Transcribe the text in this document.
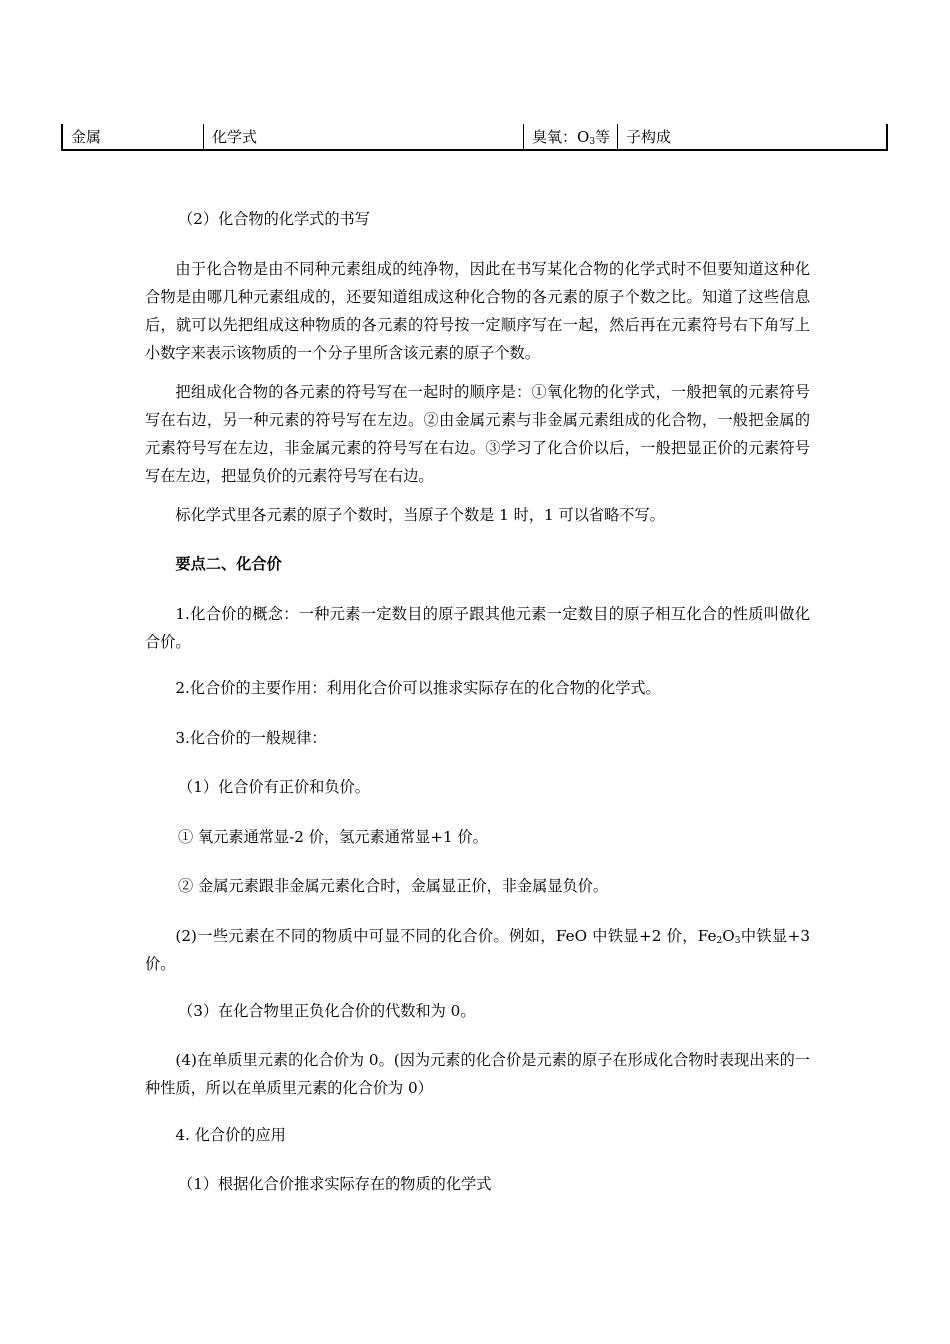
金属	化学式	臭氧：$O_3$等	子构成

（2）化合物的化学式的书写

由于化合物是由不同种元素组成的纯净物，因此在书写某化合物的化学式时不但要知道这种化合物是由哪几种元素组成的，还要知道组成这种化合物的各元素的原子个数之比。知道了这些信息后，就可以先把组成这种物质的各元素的符号按一定顺序写在一起，然后再在元素符号右下角写上小数字来表示该物质的一个分子里所含该元素的原子个数。

把组成化合物的各元素的符号写在一起时的顺序是：①氧化物的化学式，一般把氧的元素符号写在右边，另一种元素的符号写在左边。②由金属元素与非金属元素组成的化合物，一般把金属的元素符号写在左边，非金属元素的符号写在右边。③学习了化合价以后，一般把显正价的元素符号写在左边，把显负价的元素符号写在右边。

标化学式里各元素的原子个数时，当原子个数是 1 时，1 可以省略不写。

要点二、化合价

1.化合价的概念：一种元素一定数目的原子跟其他元素一定数目的原子相互化合的性质叫做化合价。

2.化合价的主要作用：利用化合价可以推求实际存在的化合物的化学式。

3.化合价的一般规律：

（1）化合价有正价和负价。

① 氧元素通常显-2 价，氢元素通常显+1 价。

② 金属元素跟非金属元素化合时，金属显正价，非金属显负价。

(2)一些元素在不同的物质中可显不同的化合价。例如，FeO 中铁显+2 价，$Fe_2O_3$中铁显+3 价。

（3）在化合物里正负化合价的代数和为 0。

(4)在单质里元素的化合价为 0。(因为元素的化合价是元素的原子在形成化合物时表现出来的一种性质，所以在单质里元素的化合价为 0）

4. 化合价的应用

（1）根据化合价推求实际存在的物质的化学式
